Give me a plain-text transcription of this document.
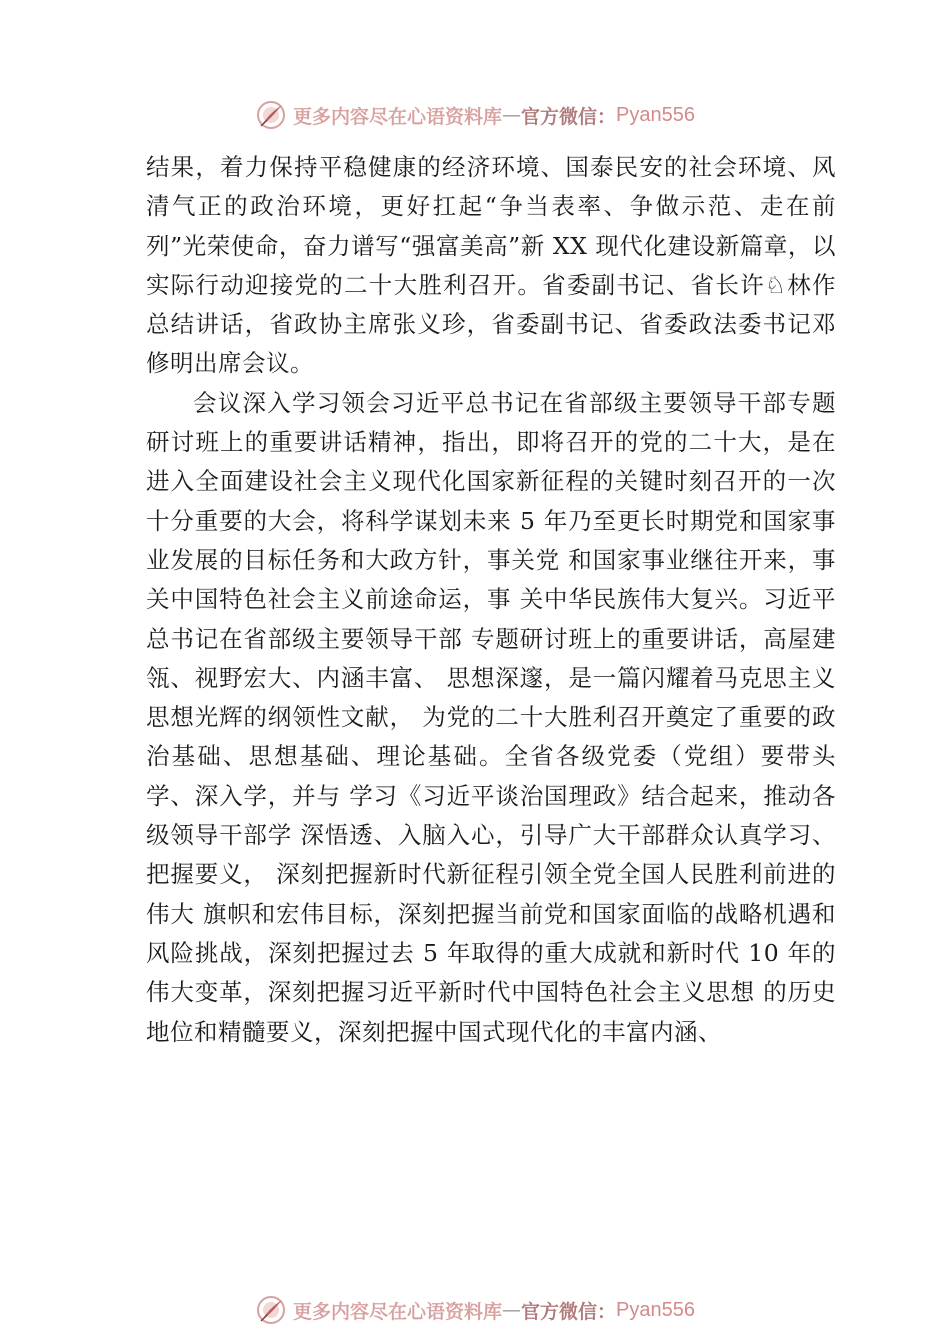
更多内容尽在心语资料库 — 官方微信： Pyan556

结果，着力保持平稳健康的经济环境、国泰民安的社会环境、风清气正的政治环境，更好扛起“争当表率、争做示范、走在前列”光荣使命，奋力谱写“强富美高”新 XX 现代化建设新篇章，以实际行动迎接党的二十大胜利召开。省委副书记、省长许♘林作总结讲话，省政协主席张义珍，省委副书记、省委政法委书记邓修明出席会议。

会议深入学习领会习近平总书记在省部级主要领导干部专题研讨班上的重要讲话精神，指出，即将召开的党的二十大，是在进入全面建设社会主义现代化国家新征程的关键时刻召开的一次十分重要的大会，将科学谋划未来 5 年乃至更长时期党和国家事业发展的目标任务和大政方针，事关党 和国家事业继往开来，事关中国特色社会主义前途命运，事 关中华民族伟大复兴。习近平总书记在省部级主要领导干部 专题研讨班上的重要讲话，高屋建瓴、视野宏大、内涵丰富、 思想深邃，是一篇闪耀着马克思主义思想光辉的纲领性文献， 为党的二十大胜利召开奠定了重要的政治基础、思想基础、理论基础。全省各级党委（党组）要带头学、深入学，并与 学习《习近平谈治国理政》结合起来，推动各级领导干部学 深悟透、入脑入心，引导广大干部群众认真学习、把握要义， 深刻把握新时代新征程引领全党全国人民胜利前进的伟大 旗帜和宏伟目标，深刻把握当前党和国家面临的战略机遇和 风险挑战，深刻把握过去 5 年取得的重大成就和新时代 10 年的伟大变革，深刻把握习近平新时代中国特色社会主义思想 的历史地位和精髓要义，深刻把握中国式现代化的丰富内涵、

更多内容尽在心语资料库 — 官方微信： Pyan556
